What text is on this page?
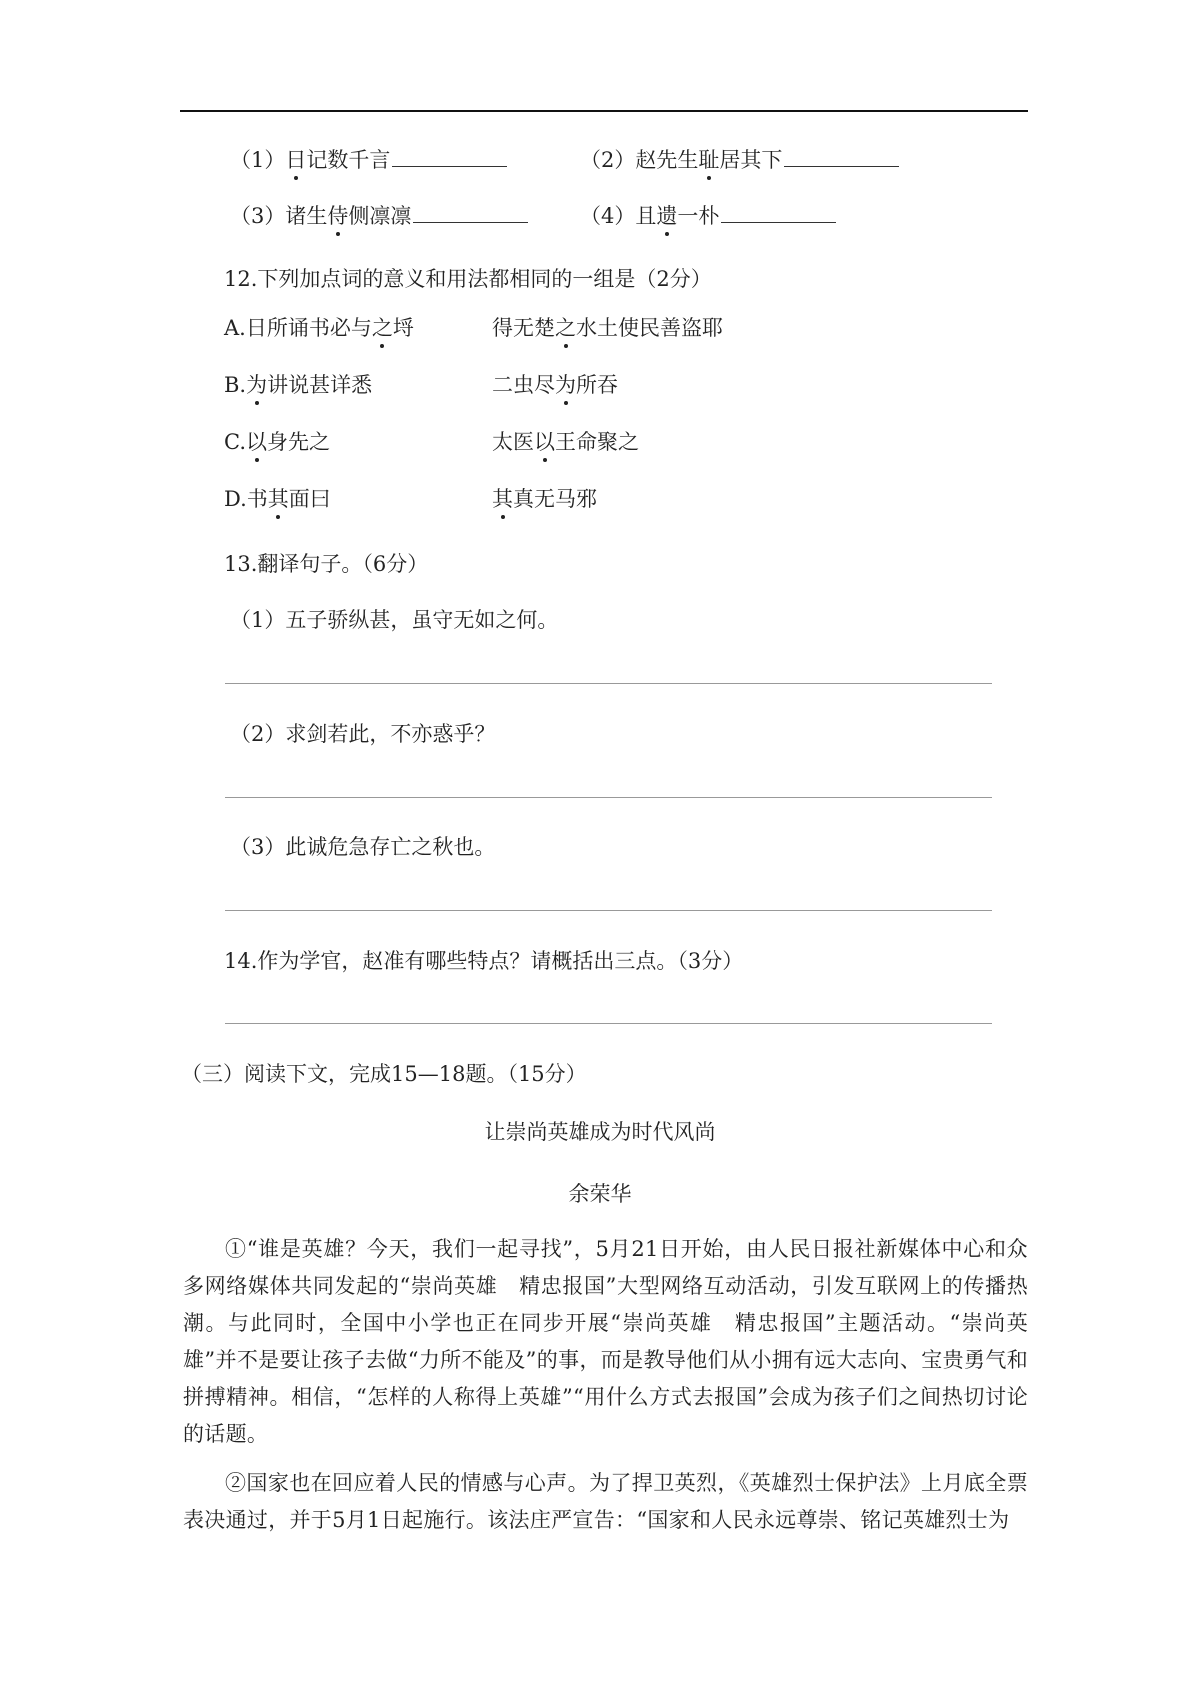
（1）日记数千言	（2）赵先生耻居其下
（3）诸生侍侧凛凛	（4）且遗一朴
12.下列加点词的意义和用法都相同的一组是（2分）
A.日所诵书必与之埒	得无楚之水土使民善盗耶
B.为讲说甚详悉	二虫尽为所吞
C.以身先之	太医以王命聚之
D.书其面曰	其真无马邪
13.翻译句子。（6分）
（1）五子骄纵甚，虽守无如之何。
（2）求剑若此，不亦惑乎？
（3）此诚危急存亡之秋也。
14.作为学官，赵准有哪些特点？请概括出三点。（3分）
（三）阅读下文，完成15—18题。（15分）
让崇尚英雄成为时代风尚
余荣华
①“谁是英雄？今天，我们一起寻找”，5月21日开始，由人民日报社新媒体中心和众多网络媒体共同发起的“崇尚英雄　精忠报国”大型网络互动活动，引发互联网上的传播热潮。与此同时，全国中小学也正在同步开展“崇尚英雄　精忠报国”主题活动。“崇尚英雄”并不是要让孩子去做“力所不能及”的事，而是教导他们从小拥有远大志向、宝贵勇气和拼搏精神。相信，“怎样的人称得上英雄”“用什么方式去报国”会成为孩子们之间热切讨论的话题。
②国家也在回应着人民的情感与心声。为了捍卫英烈，《英雄烈士保护法》上月底全票表决通过，并于5月1日起施行。该法庄严宣告：“国家和人民永远尊崇、铭记英雄烈士为
